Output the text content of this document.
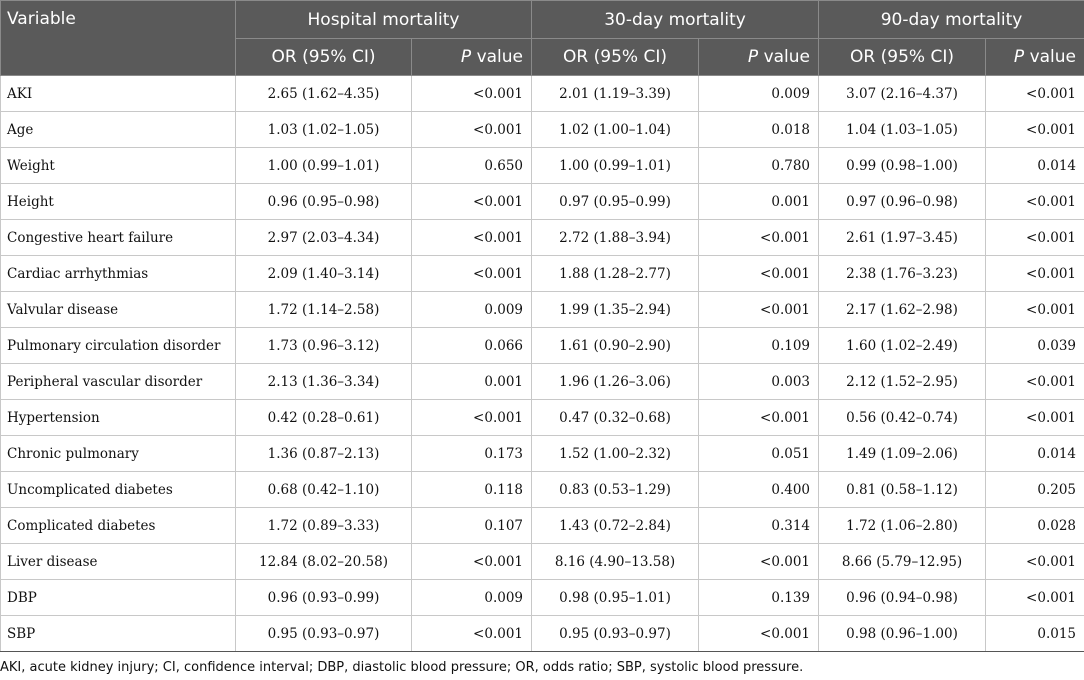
Variable	Hospital mortality		30-day mortality		90-day mortality	
	OR (95% CI)	P value	OR (95% CI)	P value	OR (95% CI)	P value
AKI	2.65 (1.62–4.35)	<0.001	2.01 (1.19–3.39)	0.009	3.07 (2.16–4.37)	<0.001
Age	1.03 (1.02–1.05)	<0.001	1.02 (1.00–1.04)	0.018	1.04 (1.03–1.05)	<0.001
Weight	1.00 (0.99–1.01)	0.650	1.00 (0.99–1.01)	0.780	0.99 (0.98–1.00)	0.014
Height	0.96 (0.95–0.98)	<0.001	0.97 (0.95–0.99)	0.001	0.97 (0.96–0.98)	<0.001
Congestive heart failure	2.97 (2.03–4.34)	<0.001	2.72 (1.88–3.94)	<0.001	2.61 (1.97–3.45)	<0.001
Cardiac arrhythmias	2.09 (1.40–3.14)	<0.001	1.88 (1.28–2.77)	<0.001	2.38 (1.76–3.23)	<0.001
Valvular disease	1.72 (1.14–2.58)	0.009	1.99 (1.35–2.94)	<0.001	2.17 (1.62–2.98)	<0.001
Pulmonary circulation disorder	1.73 (0.96–3.12)	0.066	1.61 (0.90–2.90)	0.109	1.60 (1.02–2.49)	0.039
Peripheral vascular disorder	2.13 (1.36–3.34)	0.001	1.96 (1.26–3.06)	0.003	2.12 (1.52–2.95)	<0.001
Hypertension	0.42 (0.28–0.61)	<0.001	0.47 (0.32–0.68)	<0.001	0.56 (0.42–0.74)	<0.001
Chronic pulmonary	1.36 (0.87–2.13)	0.173	1.52 (1.00–2.32)	0.051	1.49 (1.09–2.06)	0.014
Uncomplicated diabetes	0.68 (0.42–1.10)	0.118	0.83 (0.53–1.29)	0.400	0.81 (0.58–1.12)	0.205
Complicated diabetes	1.72 (0.89–3.33)	0.107	1.43 (0.72–2.84)	0.314	1.72 (1.06–2.80)	0.028
Liver disease	12.84 (8.02–20.58)	<0.001	8.16 (4.90–13.58)	<0.001	8.66 (5.79–12.95)	<0.001
DBP	0.96 (0.93–0.99)	0.009	0.98 (0.95–1.01)	0.139	0.96 (0.94–0.98)	<0.001
SBP	0.95 (0.93–0.97)	<0.001	0.95 (0.93–0.97)	<0.001	0.98 (0.96–1.00)	0.015
AKI, acute kidney injury; CI, confidence interval; DBP, diastolic blood pressure; OR, odds ratio; SBP, systolic blood pressure.
